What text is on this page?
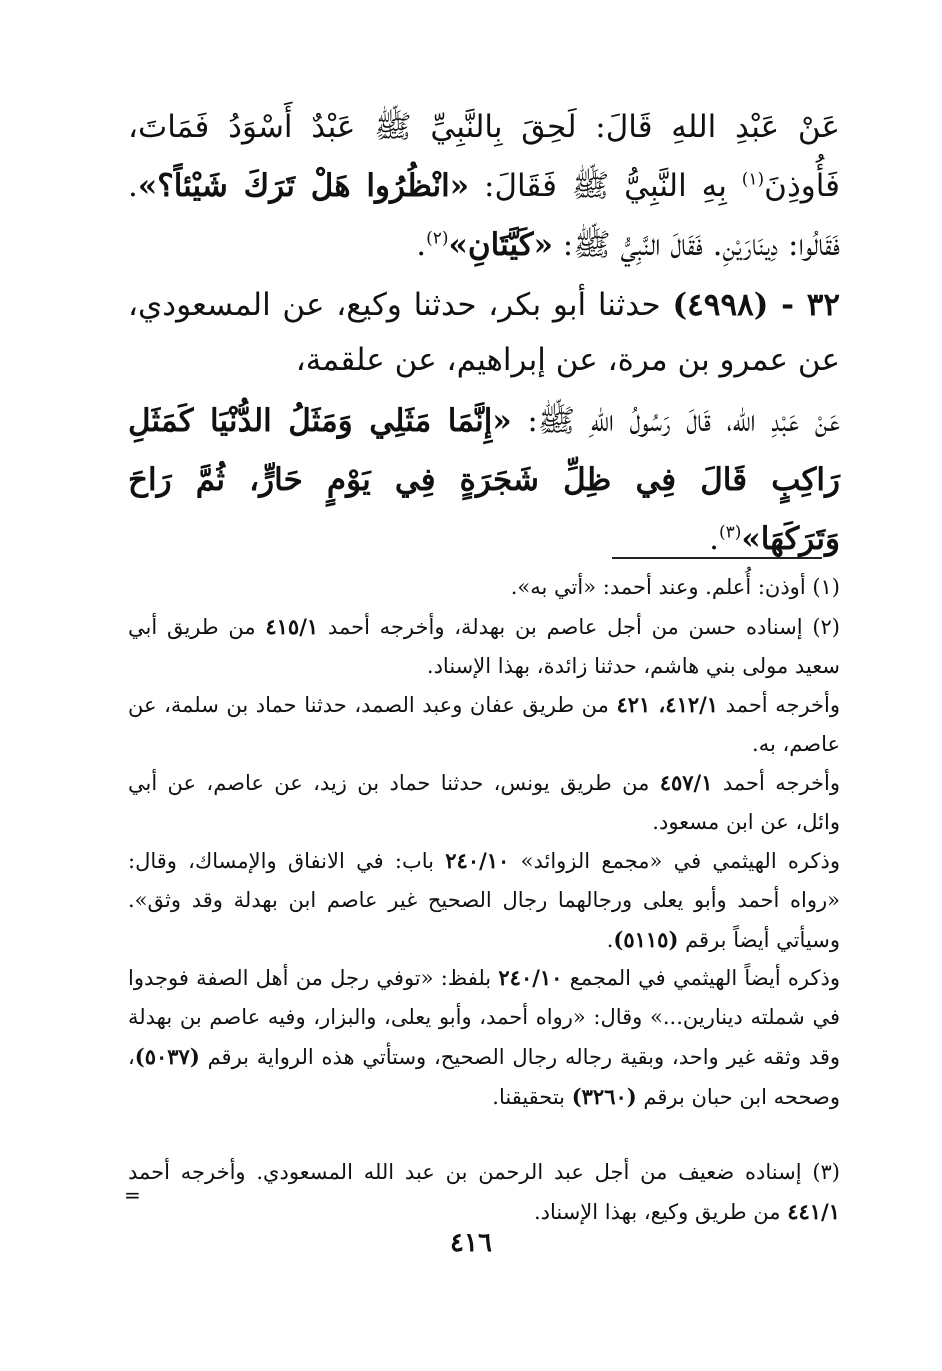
عَنْ عَبْدِ اللهِ قَالَ: لَحِقَ بِالنَّبِيِّ ﷺ عَبْدٌ أَسْوَدُ فَمَاتَ، فَأُوذِنَ$^{(١)}$ بِهِ النَّبِيُّ ﷺ فَقَالَ: «انْظُرُوا هَلْ تَرَكَ شَيْئاً؟». فَقَالُوا: دِينَارَيْنِ. فَقَالَ النَّبِيُّ ﷺ: «كَيَّتَانِ»$^{(٢)}$.

٣٢ - (٤٩٩٨) حدثنا أبو بكر، حدثنا وكيع، عن المسعودي، عن عمرو بن مرة، عن إبراهيم، عن علقمة،

عَنْ عَبْدِ الله، قَالَ رَسُولُ اللهِ ﷺ: «إِنَّمَا مَثَلِي وَمَثَلُ الدُّنْيَا كَمَثَلِ رَاكِبٍ قَالَ فِي ظِلِّ شَجَرَةٍ فِي يَوْمٍ حَارٍّ، ثُمَّ رَاحَ وَتَرَكَهَا»$^{(٣)}$.

(١) أوذن: أُعلم. وعند أحمد: «أتي به».

(٢) إسناده حسن من أجل عاصم بن بهدلة، وأخرجه أحمد ٤١٥/١ من طريق أبي سعيد مولى بني هاشم، حدثنا زائدة، بهذا الإسناد.

وأخرجه أحمد ٤١٢/١، ٤٢١ من طريق عفان وعبد الصمد، حدثنا حماد بن سلمة، عن عاصم، به.

وأخرجه أحمد ٤٥٧/١ من طريق يونس، حدثنا حماد بن زيد، عن عاصم، عن أبي وائل، عن ابن مسعود.

وذكره الهيثمي في «مجمع الزوائد» ٢٤٠/١٠ باب: في الانفاق والإمساك، وقال: «رواه أحمد وأبو يعلى ورجالهما رجال الصحيح غير عاصم ابن بهدلة وقد وثق». وسيأتي أيضاً برقم (٥١١٥).

وذكره أيضاً الهيثمي في المجمع ٢٤٠/١٠ بلفظ: «توفي رجل من أهل الصفة فوجدوا في شملته دينارين...» وقال: «رواه أحمد، وأبو يعلى، والبزار، وفيه عاصم بن بهدلة وقد وثقه غير واحد، وبقية رجاله رجال الصحيح، وستأتي هذه الرواية برقم (٥٠٣٧)، وصححه ابن حبان برقم (٣٢٦٠) بتحقيقنا.

(٣) إسناده ضعيف من أجل عبد الرحمن بن عبد الله المسعودي. وأخرجه أحمد ٤٤١/١ من طريق وكيع، بهذا الإسناد.

=
٤١٦
